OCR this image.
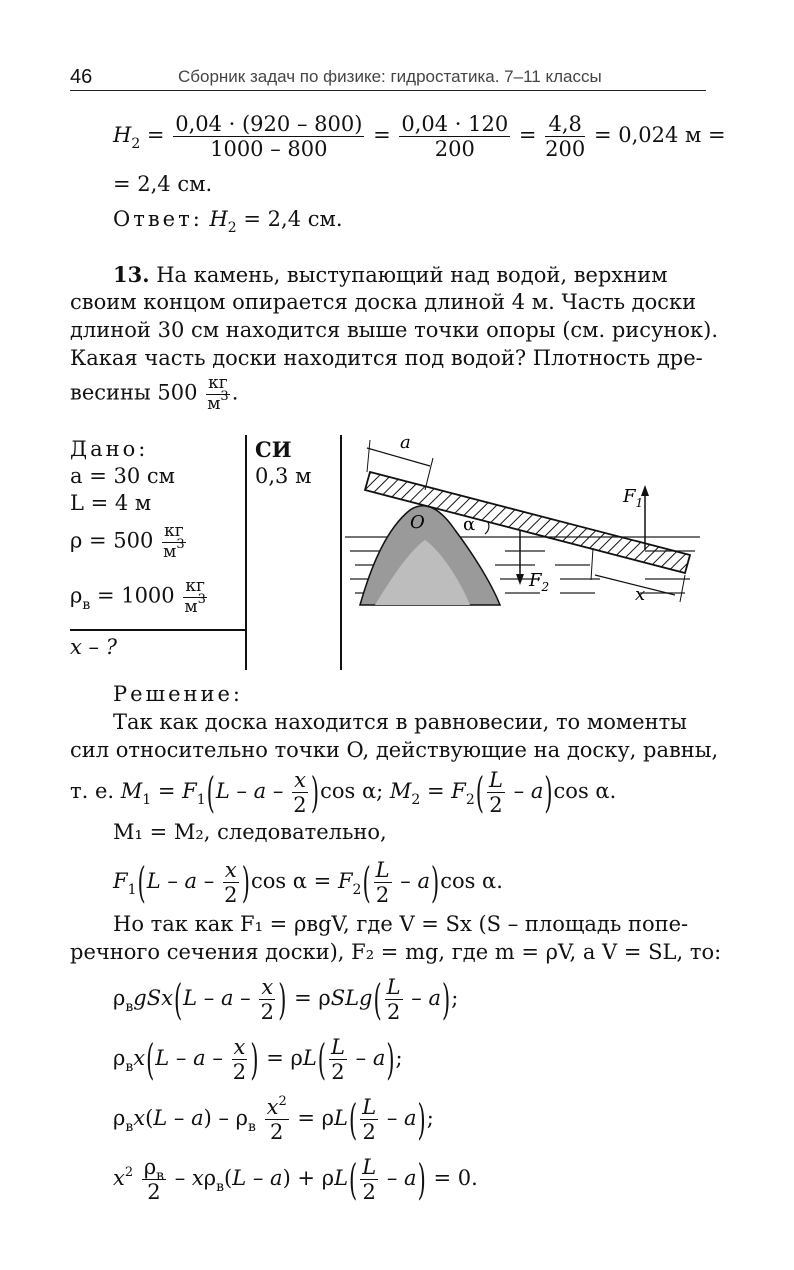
46	Сборник задач по физике: гидростатика. 7–11 классы
$H_2 = \frac{0,04 \cdot (920 - 800)}{1000 - 800} = \frac{0,04 \cdot 120}{200} = \frac{4,8}{200} = 0,024$ м =
= 2,4 см.
Ответ: $H_2 = 2,4$ см.
13. На камень, выступающий над водой, верхним
своим концом опирается доска длиной 4 м. Часть доски
длиной 30 см находится выше точки опоры (см. рисунок).
Какая часть доски находится под водой? Плотность дре-
весины $500 \frac{кг}{м^3}$ .
Дано:	СИ
a = 30 см	0,3 м
L = 4 м
$\rho = 500 \frac{кг}{м^3}$
$\rho_в = 1000 \frac{кг}{м^3}$
x – ?
a
O α
$F_1$
$F_2$	x
Решение:
Так как доска находится в равновесии, то моменты
сил относительно точки O, действующие на доску, равны,
т. е. $M_1 = F_1(L - a - \frac{x}{2} )\cos$ α; $M_2 = F_2( \frac{L}{2} - a)\cos$ α.
M₁ = M₂, следовательно,
$F_1(L$ – a – $\frac{x}{2} )\cos$ $\alpha = F_2( \frac{L}{2} - a)\cos$ α.
Но так как F₁ = ρвgV, где V = Sx (S – площадь попе-
речного сечения доски), F₂ = mg, где m = ρV, а V = SL, то:
$\rho_вgSx(L$ – a – $\frac{x}{2}$ ) = $\rho SLg( \frac{L}{2} - a)$;
$\rho_вx(L$ – a – $\frac{x}{2}$ ) = $\rho L( \frac{L}{2} - a)$;
$\rho_вx(L - a) - \rho_в \frac{x^2}{2} = \rho L( \frac{L}{2} - a)$;
$x^2 \frac{\rho_в}{2} - x\rho_в(L - a) + \rho L( \frac{L}{2} - a) = 0$.
